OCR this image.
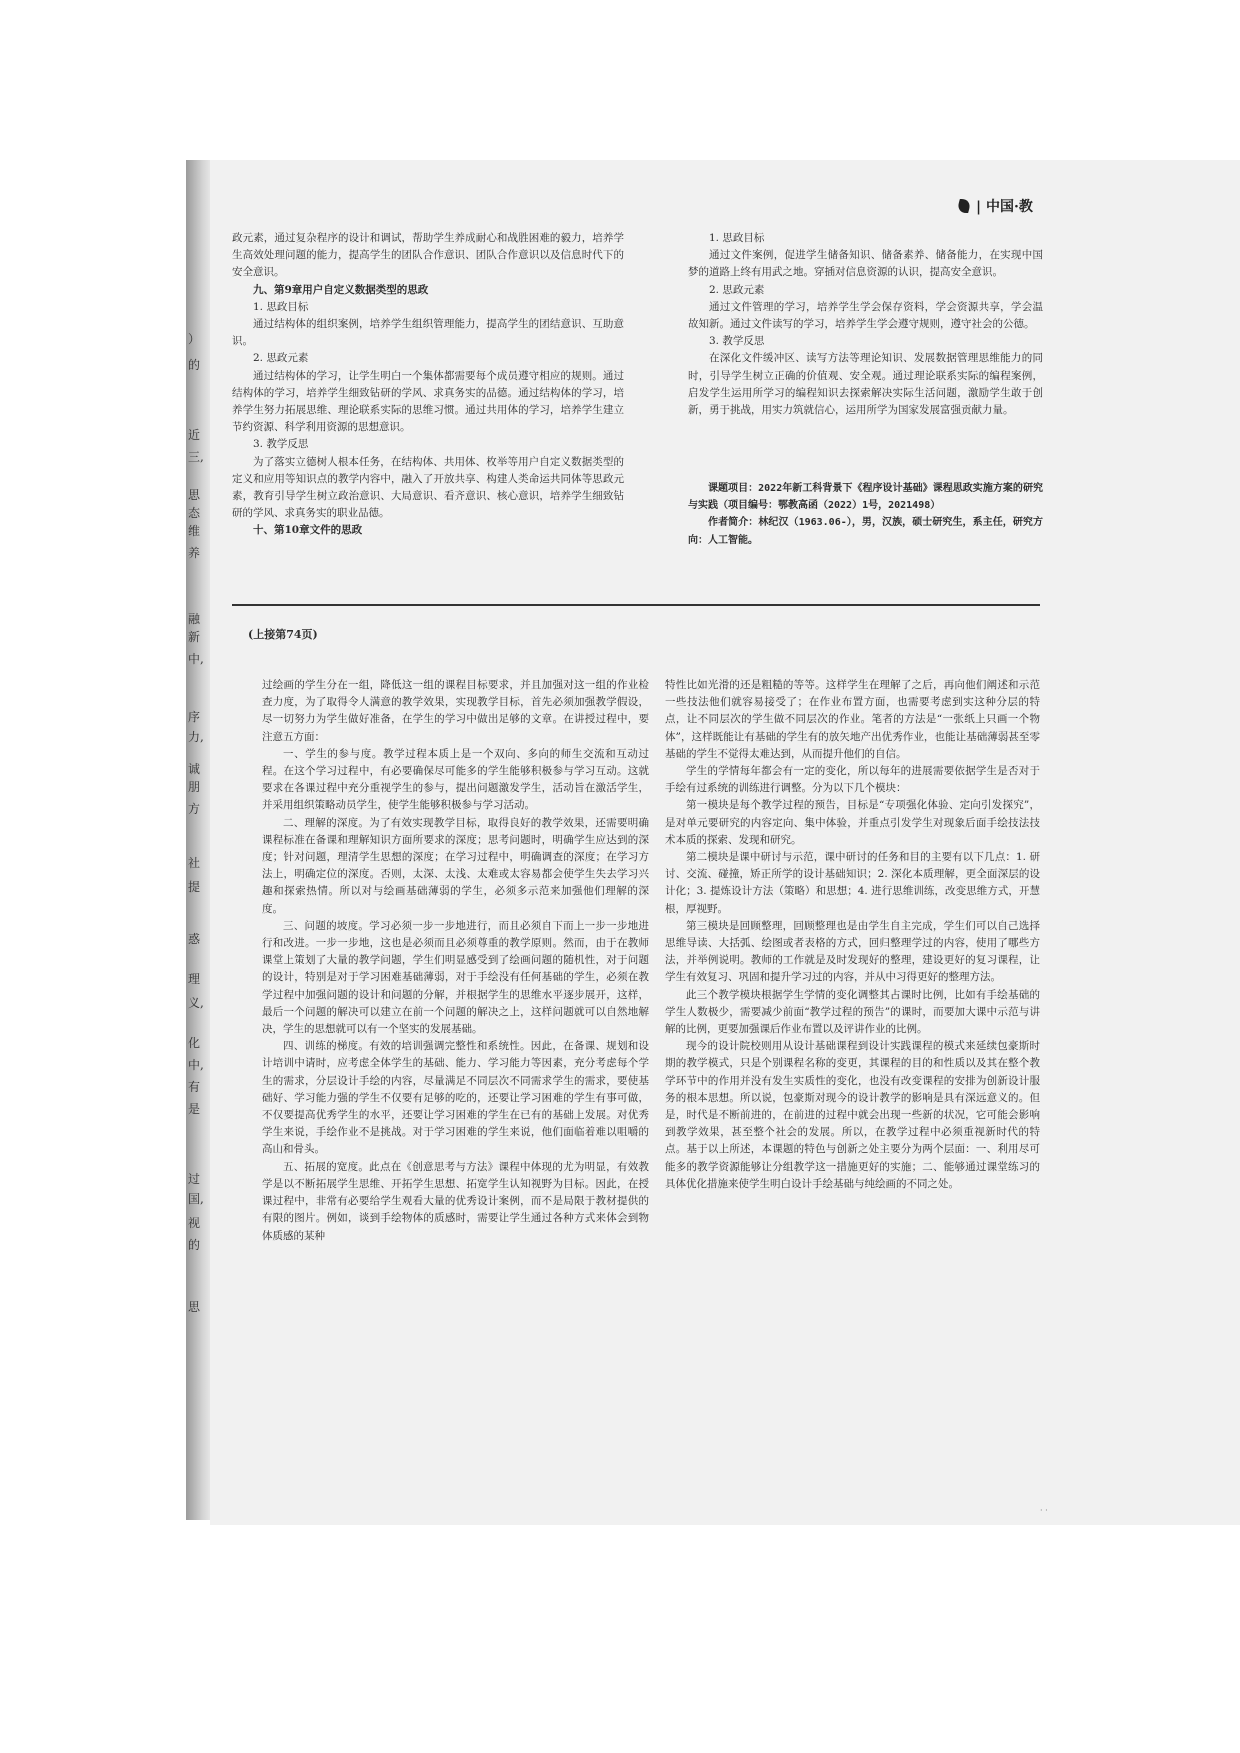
）
的
近
三,
思
态
维
养
融
新
中,
序
力,
诚
朋
方
社
提
惑
理
义,
化
中,
有
是
过
国,
视
的
思
| 中国·教

政元素，通过复杂程序的设计和调试，帮助学生养成耐心和战胜困难的毅力，培养学生高效处理问题的能力，提高学生的团队合作意识、团队合作意识以及信息时代下的安全意识。

九、第9章用户自定义数据类型的思政

1. 思政目标

通过结构体的组织案例，培养学生组织管理能力，提高学生的团结意识、互助意识。

2. 思政元素

通过结构体的学习，让学生明白一个集体都需要每个成员遵守相应的规则。通过结构体的学习，培养学生细致钻研的学风、求真务实的品德。通过结构体的学习，培养学生努力拓展思维、理论联系实际的思维习惯。通过共用体的学习，培养学生建立节约资源、科学利用资源的思想意识。

3. 教学反思

为了落实立德树人根本任务，在结构体、共用体、枚举等用户自定义数据类型的定义和应用等知识点的教学内容中，融入了开放共享、构建人类命运共同体等思政元素，教育引导学生树立政治意识、大局意识、看齐意识、核心意识，培养学生细致钻研的学风、求真务实的职业品德。

十、第10章文件的思政

1. 思政目标

通过文件案例，促进学生储备知识、储备素养、储备能力，在实现中国梦的道路上终有用武之地。穿插对信息资源的认识，提高安全意识。

2. 思政元素

通过文件管理的学习，培养学生学会保存资料，学会资源共享，学会温故知新。通过文件读写的学习，培养学生学会遵守规则，遵守社会的公德。

3. 教学反思

在深化文件缓冲区、读写方法等理论知识、发展数据管理思维能力的同时，引导学生树立正确的价值观、安全观。通过理论联系实际的编程案例，启发学生运用所学习的编程知识去探索解决实际生活问题，激励学生敢于创新，勇于挑战，用实力筑就信心，运用所学为国家发展富强贡献力量。

课题项目：2022年新工科背景下《程序设计基础》课程思政实施方案的研究与实践（项目编号：鄂教高函（2022）1号，2021498）

作者简介：林纪汉（1963.06-），男，汉族，硕士研究生，系主任，研究方向：人工智能。

(上接第74页)

过绘画的学生分在一组，降低这一组的课程目标要求，并且加强对这一组的作业检查力度，为了取得令人满意的教学效果，实现教学目标，首先必须加强教学假设，尽一切努力为学生做好准备，在学生的学习中做出足够的文章。在讲授过程中，要注意五方面：

一、学生的参与度。教学过程本质上是一个双向、多向的师生交流和互动过程。在这个学习过程中，有必要确保尽可能多的学生能够积极参与学习互动。这就要求在各课过程中充分重视学生的参与，提出问题激发学生，活动旨在激活学生，并采用组织策略动员学生，使学生能够积极参与学习活动。

二、理解的深度。为了有效实现教学目标，取得良好的教学效果，还需要明确课程标准在备课和理解知识方面所要求的深度；思考问题时，明确学生应达到的深度；针对问题，理清学生思想的深度；在学习过程中，明确调查的深度；在学习方法上，明确定位的深度。否则，太深、太浅、太难或太容易都会使学生失去学习兴趣和探索热情。所以对与绘画基础薄弱的学生，必须多示范来加强他们理解的深度。

三、问题的坡度。学习必须一步一步地进行，而且必须自下而上一步一步地进行和改进。一步一步地，这也是必须而且必须尊重的教学原则。然而，由于在教师课堂上策划了大量的教学问题，学生们明显感受到了绘画问题的随机性，对于问题的设计，特别是对于学习困难基础薄弱，对于手绘没有任何基础的学生，必须在教学过程中加强问题的设计和问题的分解，并根据学生的思维水平逐步展开，这样，最后一个问题的解决可以建立在前一个问题的解决之上，这样问题就可以自然地解决，学生的思想就可以有一个坚实的发展基础。

四、训练的梯度。有效的培训强调完整性和系统性。因此，在备课、规划和设计培训中请时，应考虑全体学生的基础、能力、学习能力等因素，充分考虑每个学生的需求，分层设计手绘的内容，尽量满足不同层次不同需求学生的需求，要使基础好、学习能力强的学生不仅要有足够的吃的，还要让学习困难的学生有事可做，不仅要提高优秀学生的水平，还要让学习困难的学生在已有的基础上发展。对优秀学生来说，手绘作业不是挑战。对于学习困难的学生来说，他们面临着难以咀嚼的高山和骨头。

五、拓展的宽度。此点在《创意思考与方法》课程中体现的尤为明显，有效教学是以不断拓展学生思维、开拓学生思想、拓宽学生认知视野为目标。因此，在授课过程中，非常有必要给学生观看大量的优秀设计案例，而不是局限于教材提供的有限的图片。例如，谈到手绘物体的质感时，需要让学生通过各种方式来体会到物体质感的某种

特性比如光滑的还是粗糙的等等。这样学生在理解了之后，再向他们阐述和示范一些技法他们就容易接受了；在作业布置方面，也需要考虑到实这种分层的特点，让不同层次的学生做不同层次的作业。笔者的方法是“一张纸上只画一个物体”，这样既能让有基础的学生有的放矢地产出优秀作业，也能让基础薄弱甚至零基础的学生不觉得太难达到，从而提升他们的自信。

学生的学情每年都会有一定的变化，所以每年的进展需要依据学生是否对于手绘有过系统的训练进行调整。分为以下几个模块：

第一模块是每个教学过程的预告，目标是“专项强化体验、定向引发探究”，是对单元要研究的内容定向、集中体验，并重点引发学生对现象后面手绘技法技术本质的探索、发现和研究。

第二模块是课中研讨与示范，课中研讨的任务和目的主要有以下几点：1. 研讨、交流、碰撞，矫正所学的设计基础知识；2. 深化本质理解，更全面深层的设计化；3. 提炼设计方法（策略）和思想；4. 进行思维训练，改变思维方式，开慧根，厚视野。

第三模块是回顾整理，回顾整理也是由学生自主完成，学生们可以自己选择思维导读、大括弧、绘图或者表格的方式，回归整理学过的内容，使用了哪些方法，并举例说明。教师的工作就是及时发现好的整理，建设更好的复习课程，让学生有效复习、巩固和提升学习过的内容，并从中习得更好的整理方法。

此三个教学模块根据学生学情的变化调整其占课时比例，比如有手绘基础的学生人数极少，需要减少前面“教学过程的预告”的课时，而要加大课中示范与讲解的比例，更要加强课后作业布置以及评讲作业的比例。

现今的设计院校则用从设计基础课程到设计实践课程的模式来延续包豪斯时期的教学模式，只是个别课程名称的变更，其课程的目的和性质以及其在整个教学环节中的作用并没有发生实质性的变化，也没有改变课程的安排为创新设计服务的根本思想。所以说，包豪斯对现今的设计教学的影响是具有深远意义的。但是，时代是不断前进的，在前进的过程中就会出现一些新的状况，它可能会影响到教学效果，甚至整个社会的发展。所以，在教学过程中必须重视新时代的特点。基于以上所述，本课题的特色与创新之处主要分为两个层面：一、利用尽可能多的教学资源能够让分组教学这一措施更好的实施；二、能够通过课堂练习的具体优化措施来使学生明白设计手绘基础与纯绘画的不同之处。

· ·
